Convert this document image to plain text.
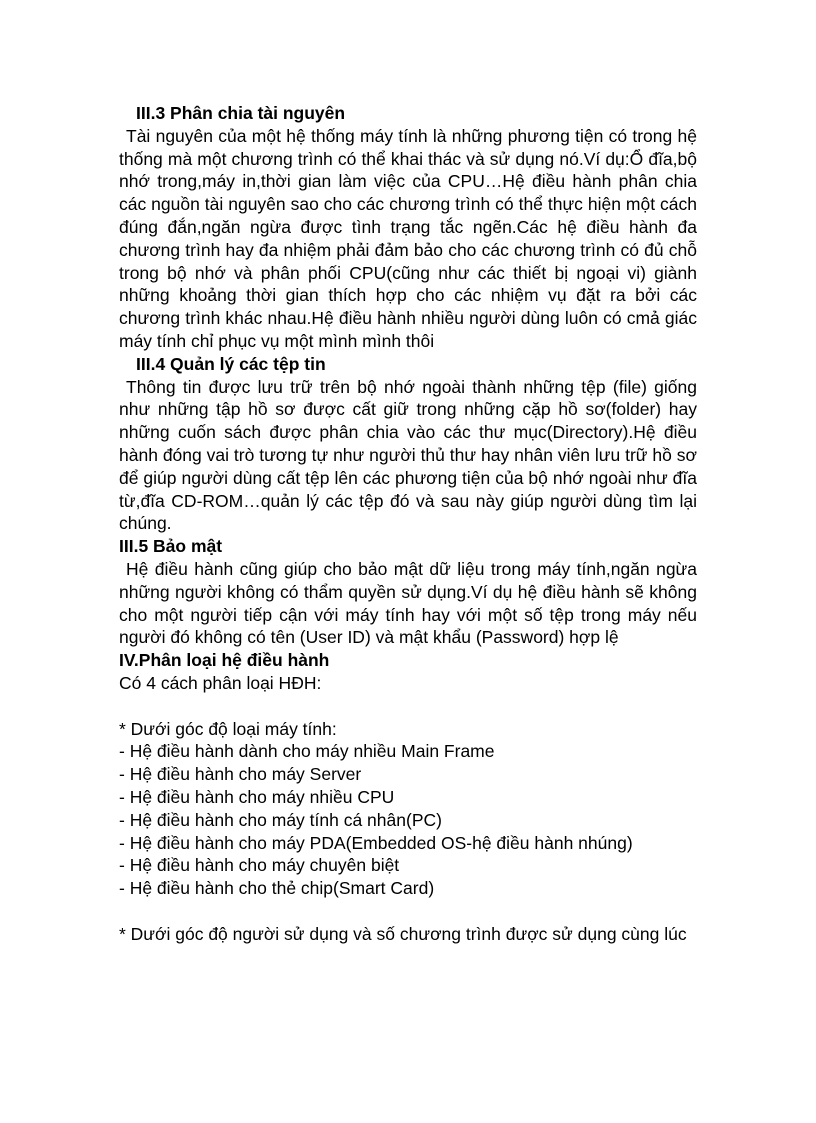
III.3 Phân chia tài nguyên
Tài nguyên của một hệ thống máy tính là những phương tiện có trong hệ thống mà một chương trình có thể khai thác và sử dụng nó.Ví dụ:Ổ đĩa,bộ nhớ trong,máy in,thời gian làm việc của CPU…Hệ điều hành phân chia các nguồn tài nguyên sao cho các chương trình có thể thực hiện một cách đúng đắn,ngăn ngừa được tình trạng tắc ngẽn.Các hệ điều hành đa chương trình hay đa nhiệm phải đảm bảo cho các chương trình có đủ chỗ trong bộ nhớ và phân phối CPU(cũng như các thiết bị ngoại vi) giành những khoảng thời gian thích hợp cho các nhiệm vụ đặt ra bởi các chương trình khác nhau.Hệ điều hành nhiều người dùng luôn có cmả giác máy tính chỉ phục vụ một mình mình thôi
III.4 Quản lý các tệp tin
Thông tin được lưu trữ trên bộ nhớ ngoài thành những tệp (file) giống như những tập hồ sơ được cất giữ trong những cặp hồ sơ(folder) hay những cuốn sách được phân chia vào các thư mục(Directory).Hệ điều hành đóng vai trò tương tự như người thủ thư hay nhân viên lưu trữ hồ sơ để giúp người dùng cất tệp lên các phương tiện của bộ nhớ ngoài như đĩa từ,đĩa CD-ROM…quản lý các tệp đó và sau này giúp người dùng tìm lại chúng.
III.5 Bảo mật
Hệ điều hành cũng giúp cho bảo mật dữ liệu trong máy tính,ngăn ngừa những người không có thẩm quyền sử dụng.Ví dụ hệ điều hành sẽ không cho một người tiếp cận với máy tính hay với một số tệp trong máy nếu người đó không có tên (User ID) và mật khẩu (Password) hợp lệ
IV.Phân loại hệ điều hành
Có 4 cách phân loại HĐH:
* Dưới góc độ loại máy tính:
- Hệ điều hành dành cho máy nhiều Main Frame
- Hệ điều hành cho máy Server
- Hệ điều hành cho máy nhiều CPU
- Hệ điều hành cho máy tính cá nhân(PC)
- Hệ điều hành cho máy PDA(Embedded OS-hệ điều hành nhúng)
- Hệ điều hành cho máy chuyên biệt
- Hệ điều hành cho thẻ chip(Smart Card)
* Dưới góc độ người sử dụng và số chương trình được sử dụng cùng lúc
